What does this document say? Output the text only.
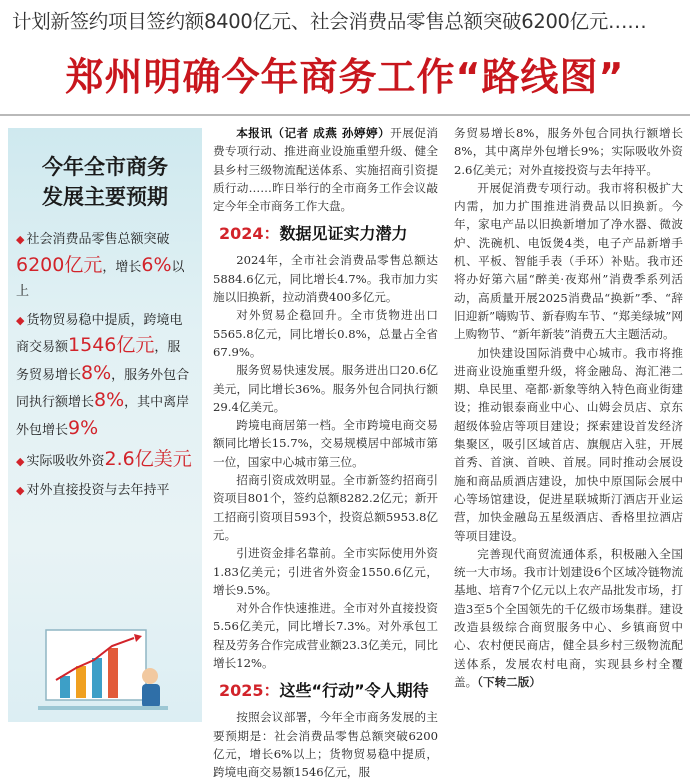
计划新签约项目签约额8400亿元、社会消费品零售总额突破6200亿元……
郑州明确今年商务工作“路线图”
今年全市商务
发展主要预期
◆ 社会消费品零售总额突破6200亿元，增长6%以上
◆ 货物贸易稳中提质，跨境电商交易额1546亿元，服务贸易增长8%，服务外包合同执行额增长8%，其中离岸外包增长9%
◆ 实际吸收外资2.6亿美元
◆ 对外直接投资与去年持平

本报讯（记者 成燕 孙婷婷）开展促消费专项行动、推进商业设施重塑升级、健全县乡村三级物流配送体系、实施招商引资提质行动……昨日举行的全市商务工作会议敲定今年全市商务工作大盘。

2024：数据见证实力潜力

2024年，全市社会消费品零售总额达5884.6亿元，同比增长4.7%。我市加力实施以旧换新，拉动消费400多亿元。

对外贸易企稳回升。全市货物进出口5565.8亿元，同比增长0.8%，总量占全省67.9%。

服务贸易快速发展。服务进出口20.6亿美元，同比增长36%。服务外包合同执行额29.4亿美元。

跨境电商居第一档。全市跨境电商交易额同比增长15.7%，交易规模居中部城市第一位，国家中心城市第三位。

招商引资成效明显。全市新签约招商引资项目801个，签约总额8282.2亿元；新开工招商引资项目593个，投资总额5953.8亿元。

引进资金排名靠前。全市实际使用外资1.83亿美元；引进省外资金1550.6亿元，增长9.5%。

对外合作快速推进。全市对外直接投资5.56亿美元，同比增长7.3%。对外承包工程及劳务合作完成营业额23.3亿美元，同比增长12%。

2025：这些“行动”令人期待

按照会议部署，今年全市商务发展的主要预期是：社会消费品零售总额突破6200亿元，增长6%以上；货物贸易稳中提质，跨境电商交易额1546亿元，服

务贸易增长8%，服务外包合同执行额增长8%，其中离岸外包增长9%；实际吸收外资2.6亿美元；对外直接投资与去年持平。

开展促消费专项行动。我市将积极扩大内需，加力扩围推进消费品以旧换新。今年，家电产品以旧换新增加了净水器、微波炉、洗碗机、电饭煲4类，电子产品新增手机、平板、智能手表（手环）补贴。我市还将办好第六届“醉美·夜郑州”消费季系列活动，高质量开展2025消费品“换新”季、“辞旧迎新”嗨购节、新春购车节、“郑美绿城”网上购物节、“新年新装”消费五大主题活动。

加快建设国际消费中心城市。我市将推进商业设施重塑升级，将金融岛、海汇港二期、阜民里、亳都·新象等纳入特色商业街建设；推动银泰商业中心、山姆会员店、京东超级体验店等项目建设；探索建设首发经济集聚区，吸引区域首店、旗舰店入驻，开展首秀、首演、首映、首展。同时推动会展设施和商品质酒店建设，加快中原国际会展中心等场馆建设，促进星联城斯汀酒店开业运营，加快金融岛五星级酒店、香格里拉酒店等项目建设。

完善现代商贸流通体系，积极融入全国统一大市场。我市计划建设6个区域冷链物流基地、培育7个亿元以上农产品批发市场，打造3至5个全国领先的千亿级市场集群。建设改造县级综合商贸服务中心、乡镇商贸中心、农村便民商店，健全县乡村三级物流配送体系，发展农村电商，实现县乡村全覆盖。（下转二版）
